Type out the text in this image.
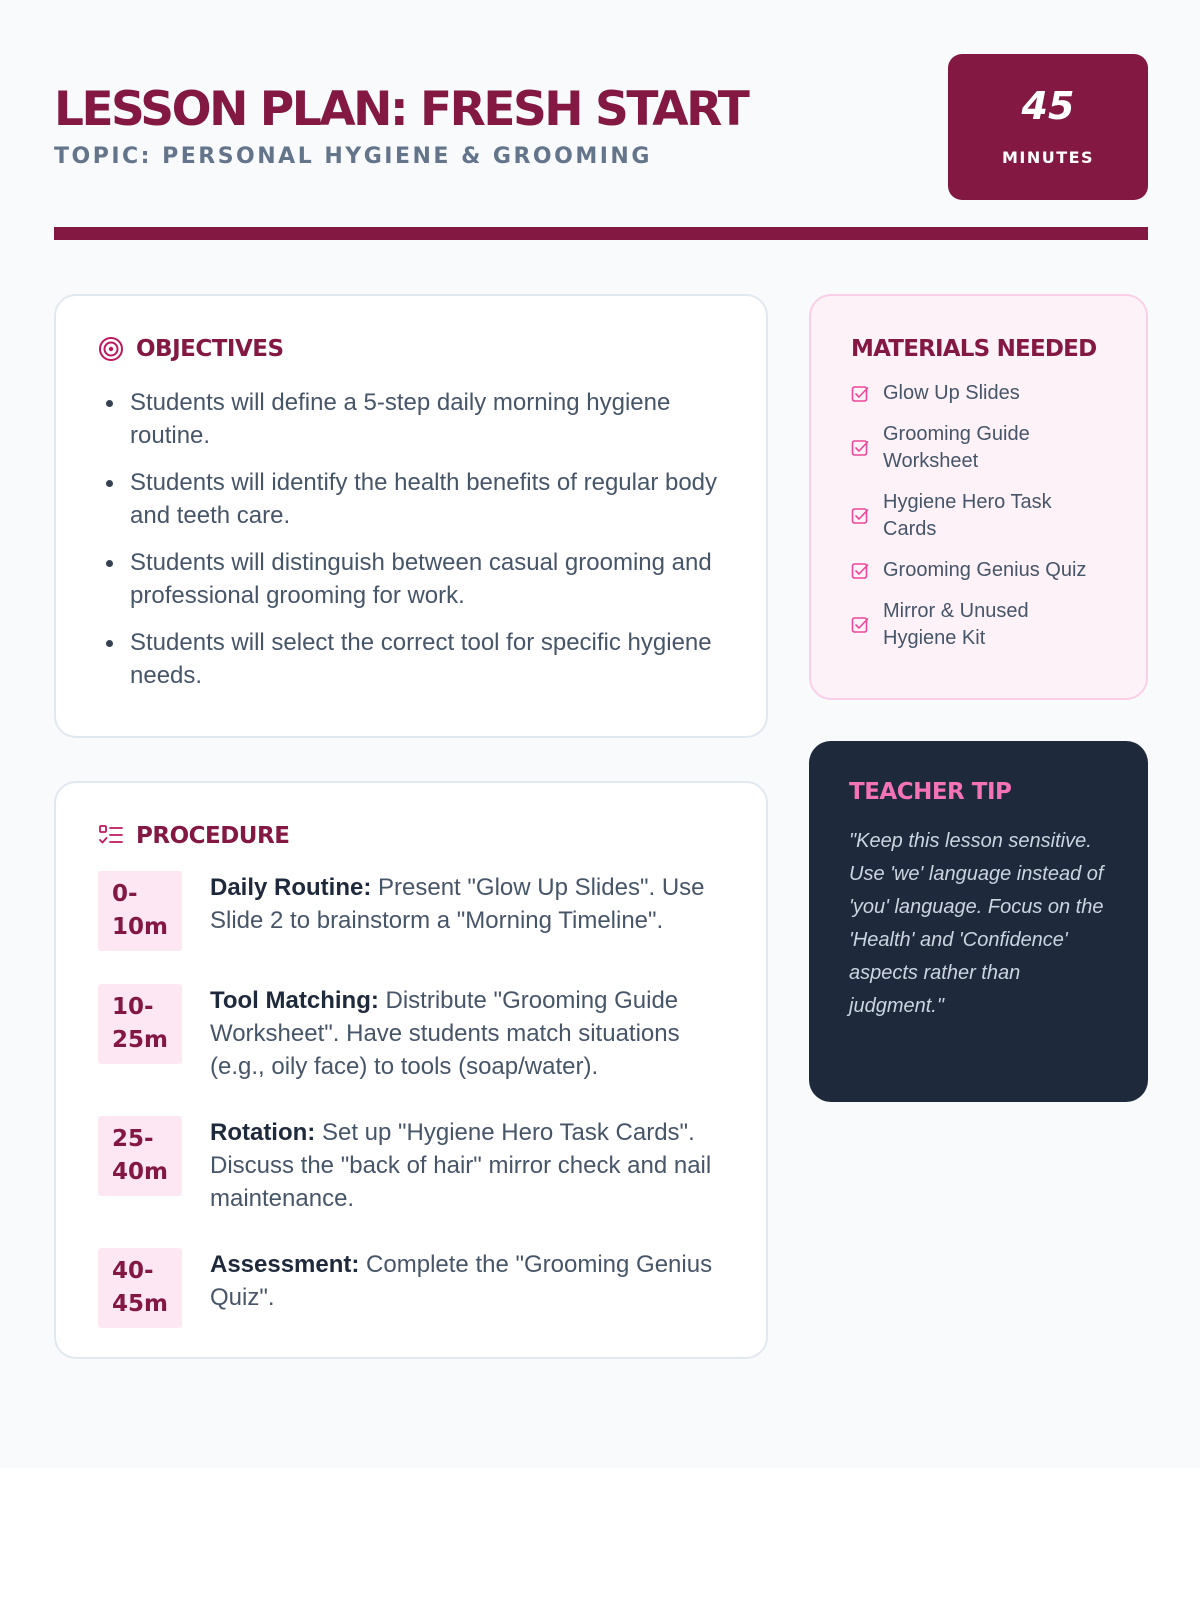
LESSON PLAN: FRESH START
TOPIC: PERSONAL HYGIENE & GROOMING
45
MINUTES
OBJECTIVES
Students will define a 5-step daily morning hygiene routine.
Students will identify the health benefits of regular body and teeth care.
Students will distinguish between casual grooming and professional grooming for work.
Students will select the correct tool for specific hygiene needs.
PROCEDURE
0-
10m
Daily Routine: Present "Glow Up Slides". Use Slide 2 to brainstorm a "Morning Timeline".
10-
25m
Tool Matching: Distribute "Grooming Guide Worksheet". Have students match situations (e.g., oily face) to tools (soap/water).
25-
40m
Rotation: Set up "Hygiene Hero Task Cards". Discuss the "back of hair" mirror check and nail maintenance.
40-
45m
Assessment: Complete the "Grooming Genius Quiz".
MATERIALS NEEDED
Glow Up Slides
Grooming Guide Worksheet
Hygiene Hero Task Cards
Grooming Genius Quiz
Mirror & Unused Hygiene Kit
TEACHER TIP

"Keep this lesson sensitive. Use 'we' language instead of 'you' language. Focus on the 'Health' and 'Confidence' aspects rather than judgment."
